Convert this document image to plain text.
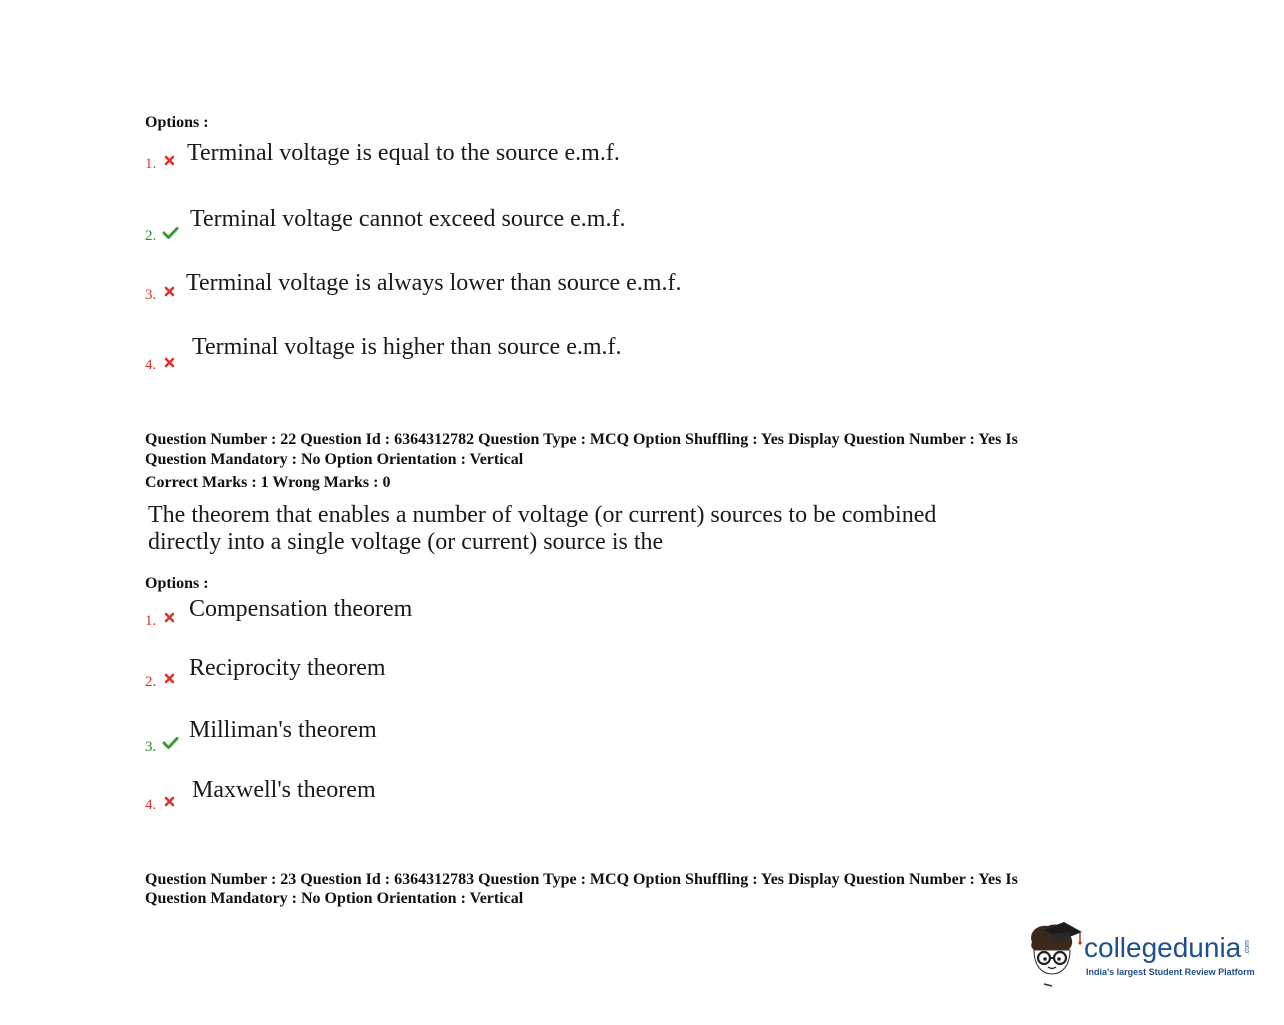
Options :
1. Terminal voltage is equal to the source e.m.f.
2.
Terminal voltage cannot exceed source e.m.f.
3. Terminal voltage is always lower than source e.m.f.
4.
Terminal voltage is higher than source e.m.f.
Question Number : 22 Question Id : 6364312782 Question Type : MCQ Option Shuffling : Yes Display Question Number : Yes Is
Question Mandatory : No Option Orientation : Vertical
Correct Marks : 1 Wrong Marks : 0
The theorem that enables a number of voltage (or current) sources to be combined
directly into a single voltage (or current) source is the
Options :
1. Compensation theorem
2.
Reciprocity theorem
3.
Milliman's theorem
4.
Maxwell's theorem
Question Number : 23 Question Id : 6364312783 Question Type : MCQ Option Shuffling : Yes Display Question Number : Yes Is
Question Mandatory : No Option Orientation : Vertical
collegedunia .com
India's largest Student Review Platform
